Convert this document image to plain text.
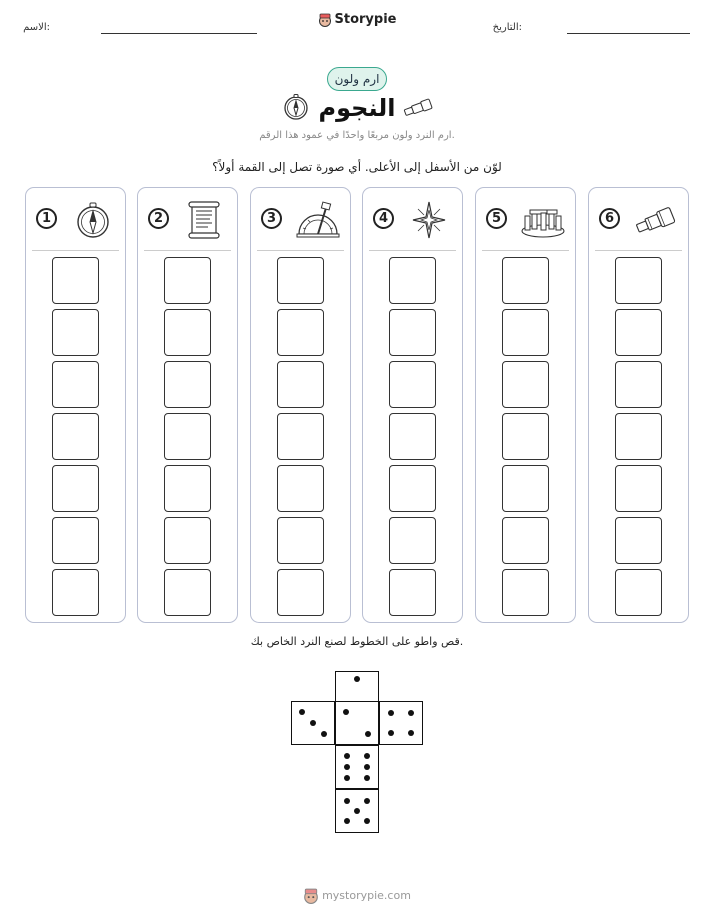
الاسم:
Storypie
التاريخ:
ارم ولون
النجوم
ارم النرد ولون مربعًا واحدًا في عمود هذا الرقم.
لوّن من الأسفل إلى الأعلى. أي صورة تصل إلى القمة أولاً؟
1	2	3	4	5	6
قص واطو على الخطوط لصنع النرد الخاص بك.
mystorypie.com
